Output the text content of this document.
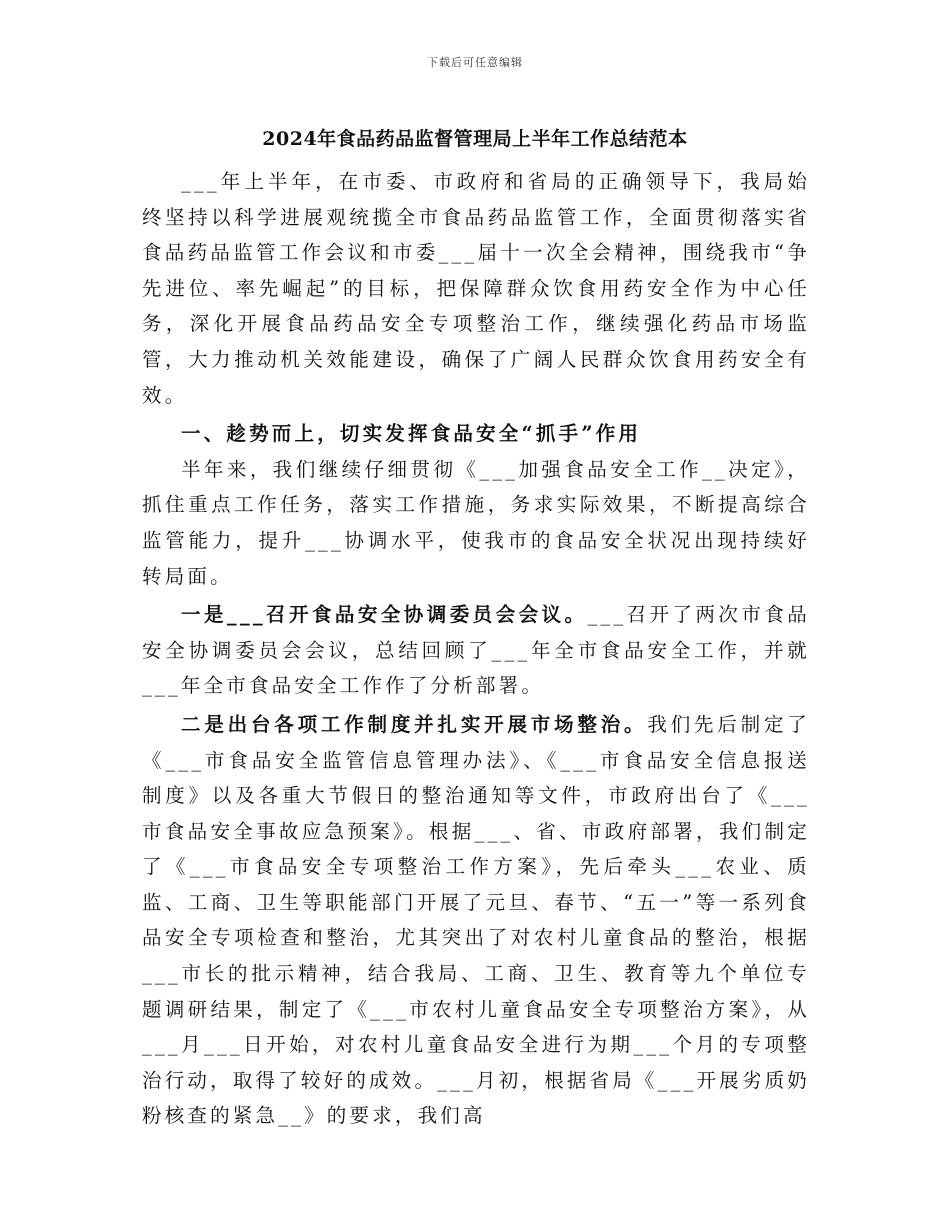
下载后可任意编辑
2024年食品药品监督管理局上半年工作总结范本

___年上半年，在市委、市政府和省局的正确领导下，我局始终坚持以科学进展观统揽全市食品药品监管工作，全面贯彻落实省食品药品监管工作会议和市委___届十一次全会精神，围绕我市“争先进位、率先崛起”的目标，把保障群众饮食用药安全作为中心任务，深化开展食品药品安全专项整治工作，继续强化药品市场监管，大力推动机关效能建设，确保了广阔人民群众饮食用药安全有效。

一、趁势而上，切实发挥食品安全“抓手”作用

半年来，我们继续仔细贯彻《___加强食品安全工作__决定》，抓住重点工作任务，落实工作措施，务求实际效果，不断提高综合监管能力，提升___协调水平，使我市的食品安全状况出现持续好转局面。

一是___召开食品安全协调委员会会议。___召开了两次市食品安全协调委员会会议，总结回顾了___年全市食品安全工作，并就___年全市食品安全工作作了分析部署。

二是出台各项工作制度并扎实开展市场整治。我们先后制定了《___市食品安全监管信息管理办法》、《___市食品安全信息报送制度》以及各重大节假日的整治通知等文件，市政府出台了《___市食品安全事故应急预案》。根据___、省、市政府部署，我们制定了《___市食品安全专项整治工作方案》，先后牵头___农业、质监、工商、卫生等职能部门开展了元旦、春节、“五一”等一系列食品安全专项检查和整治，尤其突出了对农村儿童食品的整治，根据___市长的批示精神，结合我局、工商、卫生、教育等九个单位专题调研结果，制定了《___市农村儿童食品安全专项整治方案》，从___月___日开始，对农村儿童食品安全进行为期___个月的专项整治行动，取得了较好的成效。___月初，根据省局《___开展劣质奶粉核查的紧急__》的要求，我们高
